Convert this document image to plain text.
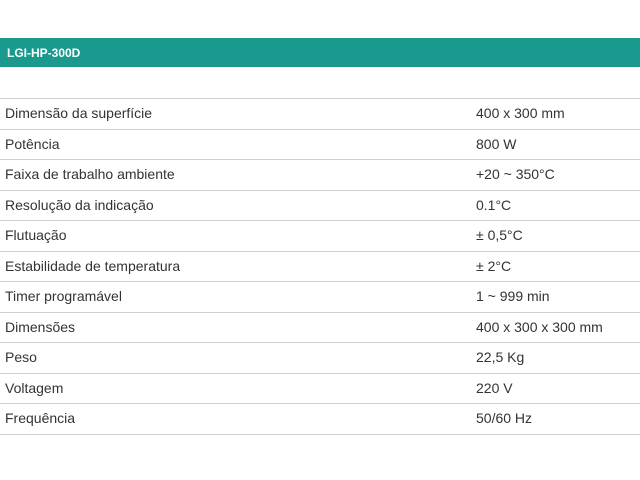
LGI-HP-300D
Dimensão da superfície	400 x 300 mm
Potência	800 W
Faixa de trabalho ambiente	+20 ~ 350°C
Resolução da indicação	0.1°C
Flutuação	± 0,5°C
Estabilidade de temperatura	± 2°C
Timer programável	1 ~ 999 min
Dimensões	400 x 300 x 300 mm
Peso	22,5 Kg
Voltagem	220 V
Frequência	50/60 Hz
